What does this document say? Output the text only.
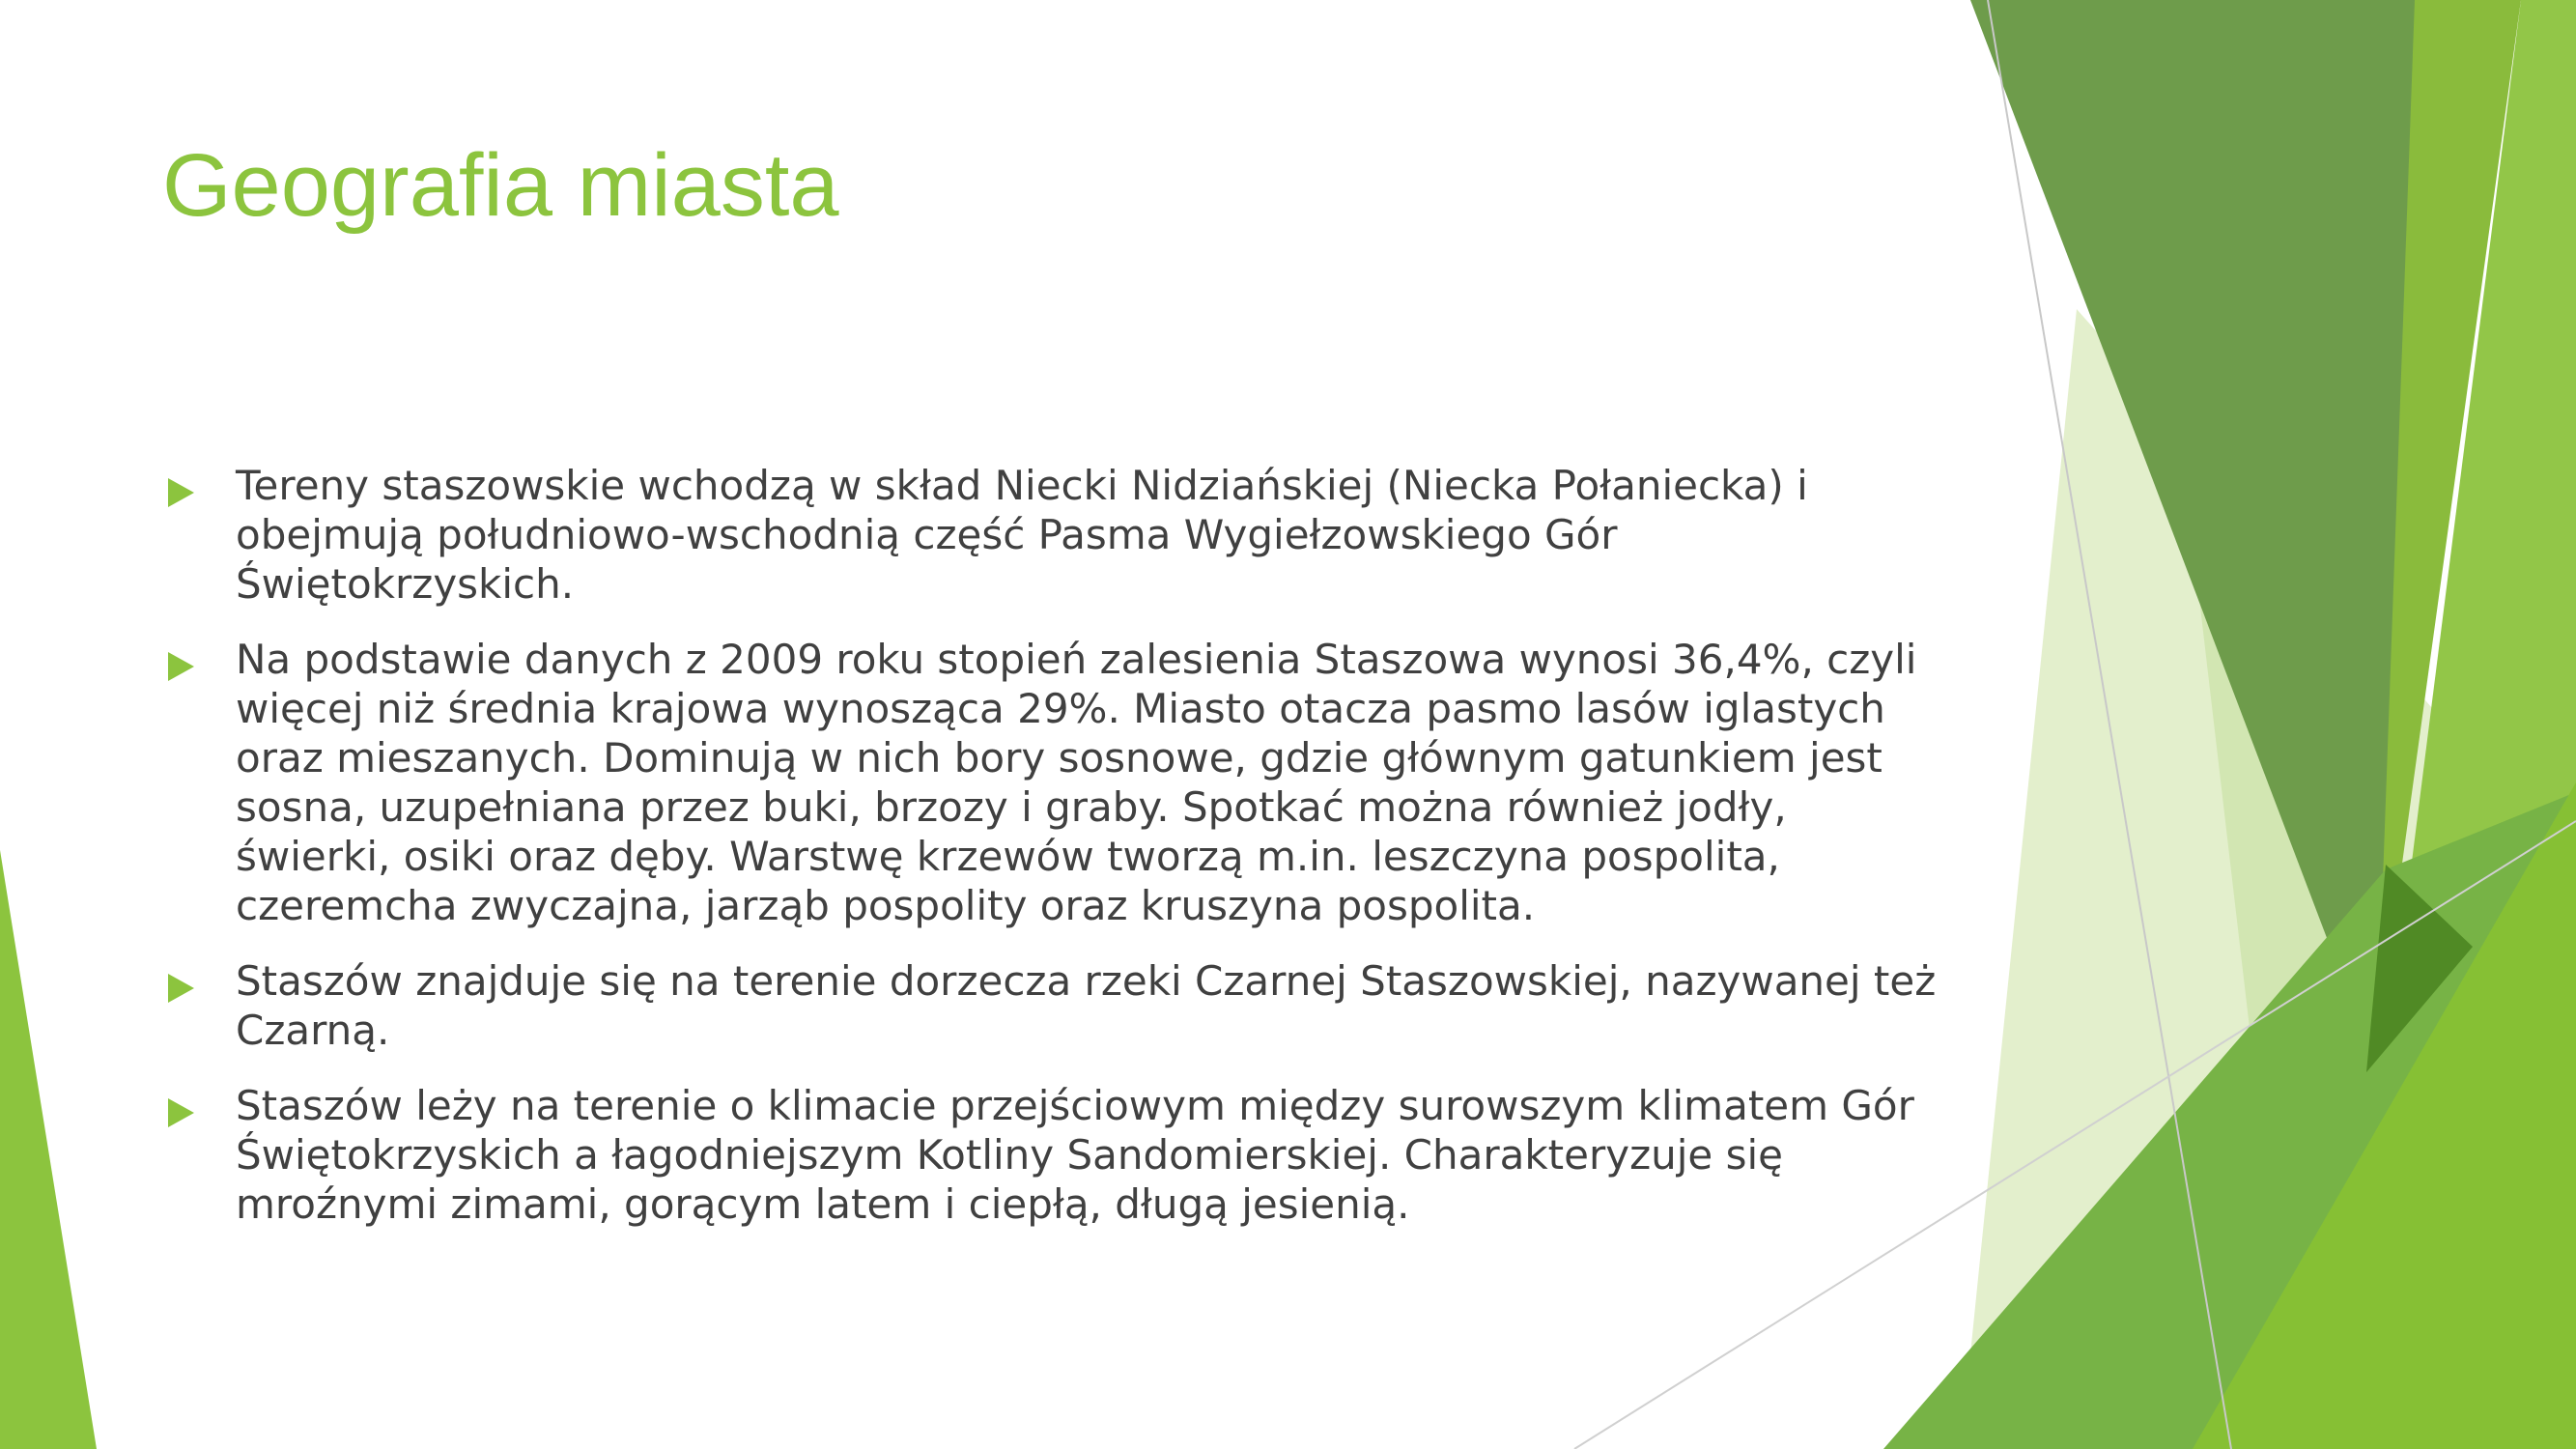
Geografia miasta
Tereny staszowskie wchodzą w skład Niecki Nidziańskiej (Niecka Połaniecka) i obejmują południowo-wschodnią część Pasma Wygiełzowskiego Gór Świętokrzyskich.
Na podstawie danych z 2009 roku stopień zalesienia Staszowa wynosi 36,4%, czyli więcej niż średnia krajowa wynosząca 29%. Miasto otacza pasmo lasów iglastych oraz mieszanych. Dominują w nich bory sosnowe, gdzie głównym gatunkiem jest sosna, uzupełniana przez buki, brzozy i graby. Spotkać można również jodły, świerki, osiki oraz dęby. Warstwę krzewów tworzą m.in. leszczyna pospolita, czeremcha zwyczajna, jarząb pospolity oraz kruszyna pospolita.
Staszów znajduje się na terenie dorzecza rzeki Czarnej Staszowskiej, nazywanej też Czarną.
Staszów leży na terenie o klimacie przejściowym między surowszym klimatem Gór Świętokrzyskich a łagodniejszym Kotliny Sandomierskiej. Charakteryzuje się mroźnymi zimami, gorącym latem i ciepłą, długą jesienią.
